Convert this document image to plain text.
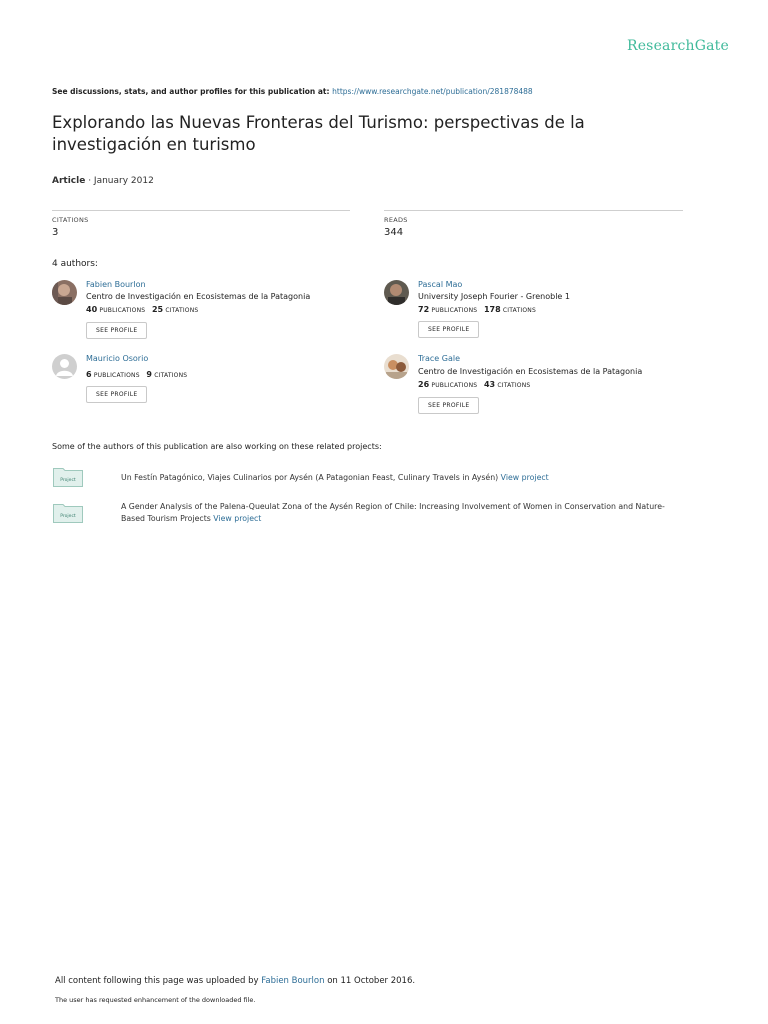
ResearchGate
See discussions, stats, and author profiles for this publication at: https://www.researchgate.net/publication/281878488
Explorando las Nuevas Fronteras del Turismo: perspectivas de la investigación en turismo
Article · January 2012
CITATIONS
3
READS
344
4 authors:
Fabien Bourlon
Centro de Investigación en Ecosistemas de la Patagonia
40 PUBLICATIONS 25 CITATIONS
SEE PROFILE
Pascal Mao
University Joseph Fourier - Grenoble 1
72 PUBLICATIONS 178 CITATIONS
SEE PROFILE
Mauricio Osorio
6 PUBLICATIONS 9 CITATIONS
SEE PROFILE
Trace Gale
Centro de Investigación en Ecosistemas de la Patagonia
26 PUBLICATIONS 43 CITATIONS
SEE PROFILE
Some of the authors of this publication are also working on these related projects:
Project	Un Festín Patagónico, Viajes Culinarios por Aysén (A Patagonian Feast, Culinary Travels in Aysén) View project
Project
A Gender Analysis of the Palena-Queulat Zona of the Aysén Region of Chile: Increasing Involvement of Women in Conservation and Nature-
Based Tourism Projects View project
All content following this page was uploaded by Fabien Bourlon on 11 October 2016.
The user has requested enhancement of the downloaded file.
